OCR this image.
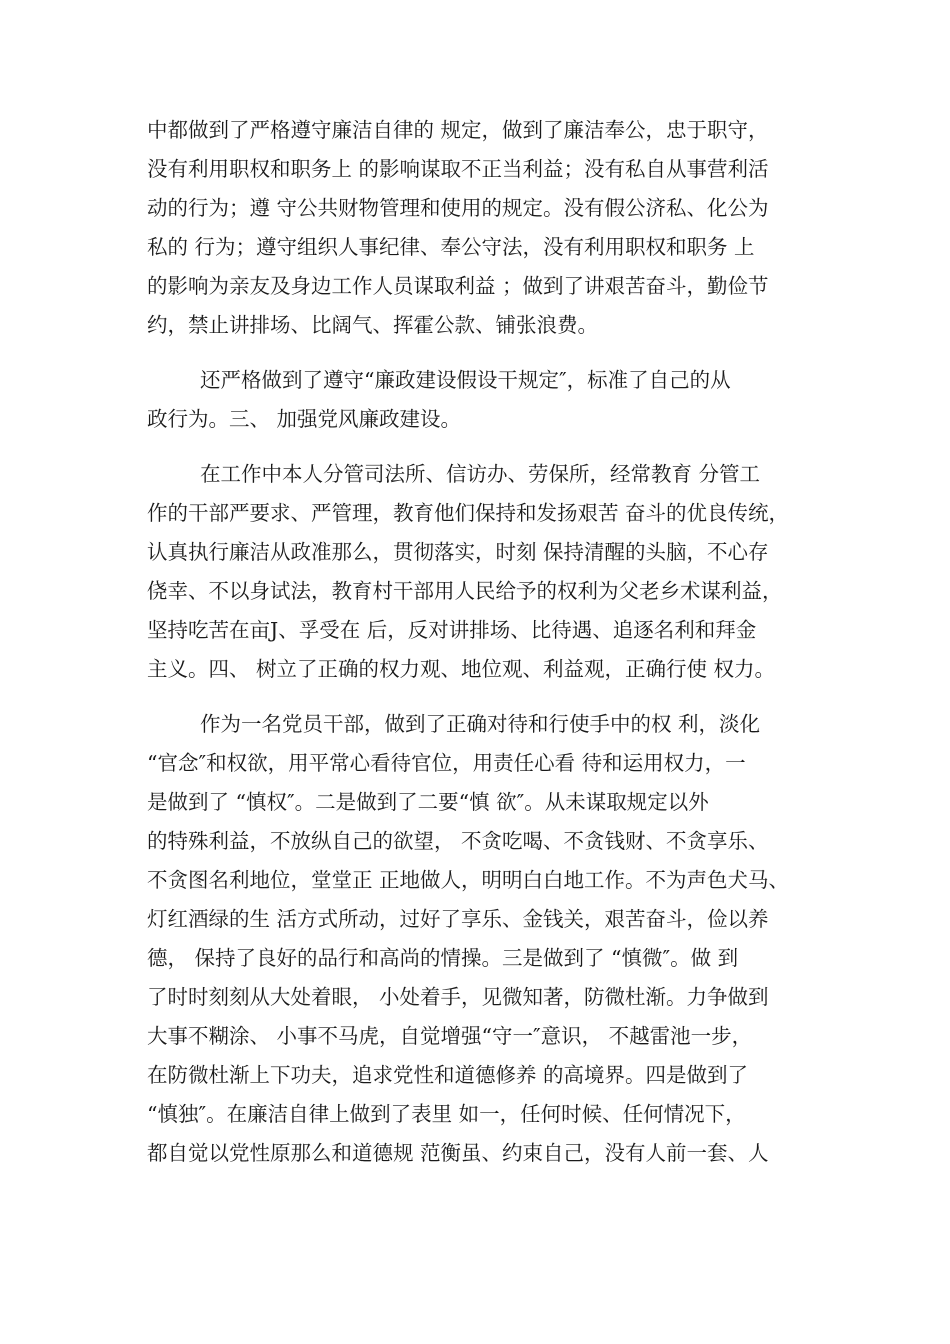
中都做到了严格遵守廉洁自律的 规定，做到了廉洁奉公，忠于职守，
没有利用职权和职务上 的影响谋取不正当利益；没有私自从事营利活
动的行为；遵 守公共财物管理和使用的规定。没有假公济私、化公为
私的 行为；遵守组织人事纪律、奉公守法，没有利用职权和职务 上
的影响为亲友及身边工作人员谋取利益 ；做到了讲艰苦奋斗，勤俭节
约，禁止讲排场、比阔气、挥霍公款、铺张浪费。
还严格做到了遵守“廉政建设假设干规定″，标准了自己的从
政行为。三、 加强党风廉政建设。
在工作中本人分管司法所、信访办、劳保所，经常教育 分管工
作的干部严要求、严管理，教育他们保持和发扬艰苦 奋斗的优良传统，
认真执行廉洁从政准那么，贯彻落实，时刻 保持清醒的头脑，不心存
侥幸、不以身试法，教育村干部用人民给予的权利为父老乡术谋利益，
坚持吃苦在亩J、孚受在 后，反对讲排场、比待遇、追逐名利和拜金
主义。四、 树立了正确的权力观、地位观、利益观，正确行使 权力。
作为一名党员干部，做到了正确对待和行使手中的权 利，淡化
“官念″和权欲，用平常心看待官位，用责任心看 待和运用权力，一
是做到了 “慎权″。二是做到了二要“慎 欲″。从未谋取规定以外
的特殊利益，不放纵自己的欲望， 不贪吃喝、不贪钱财、不贪享乐、
不贪图名利地位，堂堂正 正地做人，明明白白地工作。不为声色犬马、
灯红酒绿的生 活方式所动，过好了享乐、金钱关，艰苦奋斗，俭以养
德， 保持了良好的品行和高尚的情操。三是做到了 “慎微″。做 到
了时时刻刻从大处着眼， 小处着手，见微知著，防微杜渐。力争做到
大事不糊涂、 小事不马虎，自觉增强“守一″意识， 不越雷池一步，
在防微杜渐上下功夫，追求党性和道德修养 的高境界。四是做到了
“慎独″。在廉洁自律上做到了表里 如一，任何时候、任何情况下，
都自觉以党性原那么和道德规 范衡虽、约束自己，没有人前一套、人
